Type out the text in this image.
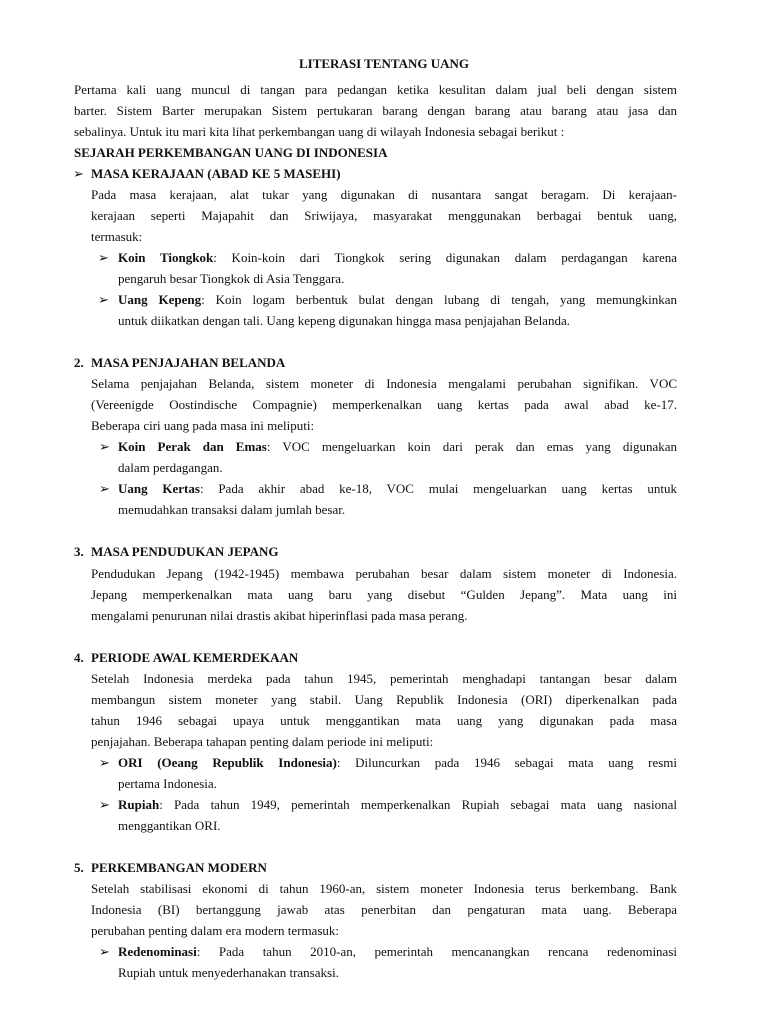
LITERASI TENTANG UANG
Pertama kali uang muncul di tangan para pedangan ketika kesulitan dalam jual beli dengan sistem
barter. Sistem Barter merupakan Sistem pertukaran barang dengan barang atau barang atau jasa dan
sebalinya. Untuk itu mari kita lihat perkembangan uang di wilayah Indonesia sebagai berikut :
SEJARAH PERKEMBANGAN UANG DI INDONESIA
➢ MASA KERAJAAN (ABAD KE 5 MASEHI)
Pada masa kerajaan, alat tukar yang digunakan di nusantara sangat beragam. Di kerajaan-
kerajaan seperti Majapahit dan Sriwijaya, masyarakat menggunakan berbagai bentuk uang,
termasuk:
➢ Koin Tiongkok: Koin-koin dari Tiongkok sering digunakan dalam perdagangan karena
pengaruh besar Tiongkok di Asia Tenggara.
➢ Uang Kepeng: Koin logam berbentuk bulat dengan lubang di tengah, yang memungkinkan
untuk diikatkan dengan tali. Uang kepeng digunakan hingga masa penjajahan Belanda.
2. MASA PENJAJAHAN BELANDA
Selama penjajahan Belanda, sistem moneter di Indonesia mengalami perubahan signifikan. VOC
(Vereenigde Oostindische Compagnie) memperkenalkan uang kertas pada awal abad ke-17.
Beberapa ciri uang pada masa ini meliputi:
➢ Koin Perak dan Emas: VOC mengeluarkan koin dari perak dan emas yang digunakan
dalam perdagangan.
➢ Uang Kertas: Pada akhir abad ke-18, VOC mulai mengeluarkan uang kertas untuk
memudahkan transaksi dalam jumlah besar.
3. MASA PENDUDUKAN JEPANG
Pendudukan Jepang (1942-1945) membawa perubahan besar dalam sistem moneter di Indonesia.
Jepang memperkenalkan mata uang baru yang disebut “Gulden Jepang”. Mata uang ini
mengalami penurunan nilai drastis akibat hiperinflasi pada masa perang.
4. PERIODE AWAL KEMERDEKAAN
Setelah Indonesia merdeka pada tahun 1945, pemerintah menghadapi tantangan besar dalam
membangun sistem moneter yang stabil. Uang Republik Indonesia (ORI) diperkenalkan pada
tahun 1946 sebagai upaya untuk menggantikan mata uang yang digunakan pada masa
penjajahan. Beberapa tahapan penting dalam periode ini meliputi:
➢ ORI (Oeang Republik Indonesia): Diluncurkan pada 1946 sebagai mata uang resmi
pertama Indonesia.
➢ Rupiah: Pada tahun 1949, pemerintah memperkenalkan Rupiah sebagai mata uang nasional
menggantikan ORI.
5. PERKEMBANGAN MODERN
Setelah stabilisasi ekonomi di tahun 1960-an, sistem moneter Indonesia terus berkembang. Bank
Indonesia (BI) bertanggung jawab atas penerbitan dan pengaturan mata uang. Beberapa
perubahan penting dalam era modern termasuk:
➢ Redenominasi: Pada tahun 2010-an, pemerintah mencanangkan rencana redenominasi
Rupiah untuk menyederhanakan transaksi.
